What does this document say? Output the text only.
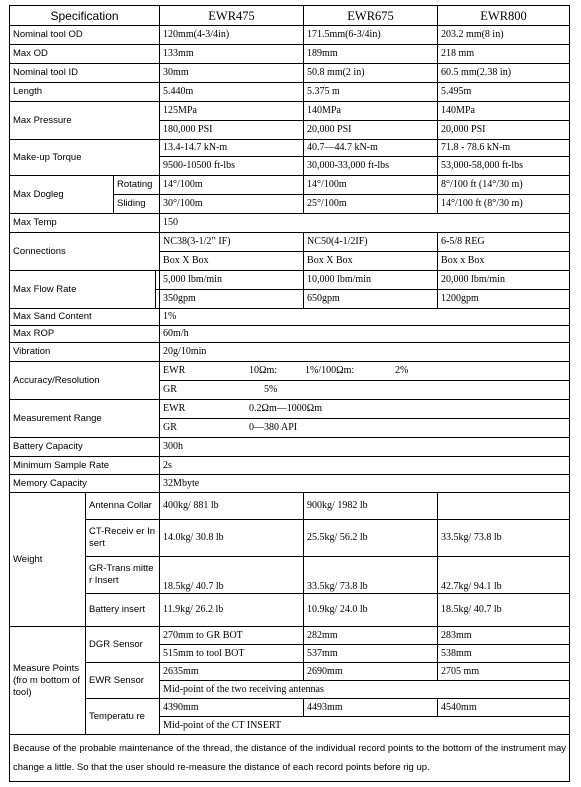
Specification				EWR475	EWR675	EWR800
Nominal tool OD				120mm(4-3/4in)	171.5mm(6-3/4in)	203.2 mm(8 in)
Max OD				133mm	189mm	218 mm
Nominal tool ID				30mm	50.8 mm(2 in)	60.5 mm(2.38 in)
Length				5.440m	5.375 m	5.495m
Max Pressure				125MPa	140MPa	140MPa
				180,000 PSI	20,000 PSI	20,000 PSI
Make-up Torque				13.4-14.7 kN-m	40.7—44.7 kN-m	71.8 - 78.6 kN-m
				9500-10500 ft-lbs	30,000-33,000 ft-lbs	53,000-58,000 ft-lbs
Max Dogleg		Rotating		14°/100m	14°/100m	8°/100 ft (14°/30 m)
		Sliding		30°/100m	25°/100m	14°/100 ft (8°/30 m)
Max Temp				150		
Connections				NC38(3-1/2” IF)	NC50(4-1/2IF)	6-5/8 REG
				Box X Box	Box X Box	Box x Box
Max Flow Rate				5,000 lbm/min	10,000 lbm/min	20,000 lbm/min
				350gpm	650gpm	1200gpm
Max Sand Content				1%		
Max ROP				60m/h		
Vibration				20g/10min		
Accuracy/Resolution				EWR 10Ωm: 1%/100Ωm: 2%		
				GR 5%		
Measurement Range				EWR 0.2Ωm—1000Ωm		
				GR 0—380 API		
Battery Capacity				300h		
Minimum Sample Rate				2s		
Memory Capacity				32Mbyte		
Weight	Antenna Collar			400kg/ 881 lb	900kg/ 1982 lb	
	CT-Receiv er Insert			14.0kg/ 30.8 lb	25.5kg/ 56.2 lb	33.5kg/ 73.8 lb
	GR-Trans mitter Insert			18.5kg/ 40.7 lb	33.5kg/ 73.8 lb	42.7kg/ 94.1 lb
	Battery insert			11.9kg/ 26.2 lb	10.9kg/ 24.0 lb	18.5kg/ 40.7 lb
Measure Points(fro m bottom of tool)	DGR Sensor			270mm to GR BOT	282mm	283mm
				515mm to tool BOT	537mm	538mm
	EWR Sensor			2635mm	2690mm	2705 mm
				Mid-point of the two receiving antennas		
	Temperatu re			4390mm	4493mm	4540mm
				Mid-point of the CT INSERT		
Because of the probable maintenance of the thread, the distance of the individual record points to the bottom of the instrument may change a little. So that the user should re-measure the distance of each record points before rig up.						
